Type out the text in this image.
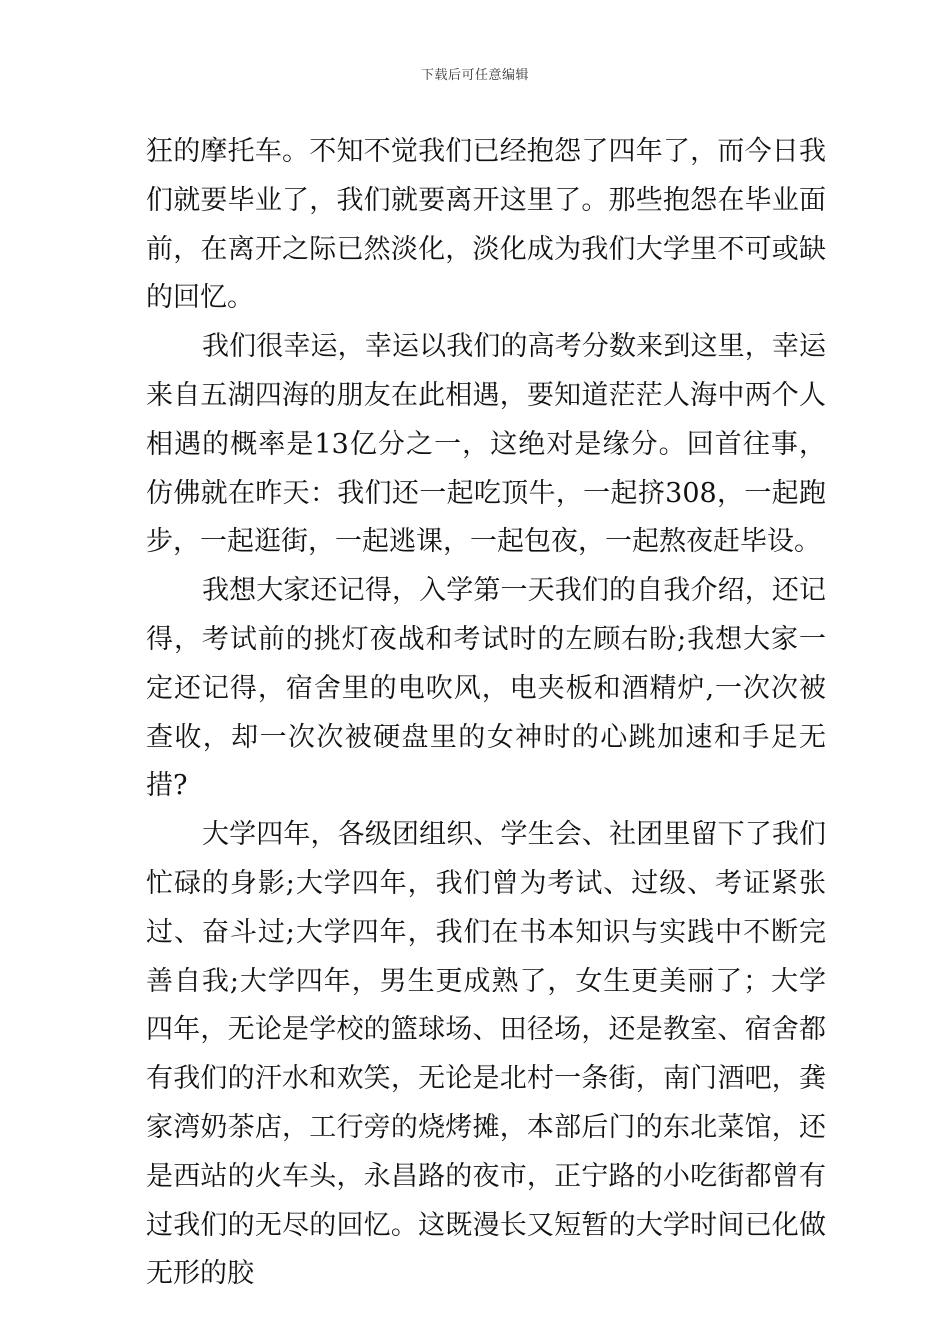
下载后可任意编辑

狂的摩托车。不知不觉我们已经抱怨了四年了，而今日我们就要毕业了，我们就要离开这里了。那些抱怨在毕业面前，在离开之际已然淡化，淡化成为我们大学里不可或缺的回忆。

我们很幸运，幸运以我们的高考分数来到这里，幸运来自五湖四海的朋友在此相遇，要知道茫茫人海中两个人相遇的概率是13亿分之一，这绝对是缘分。回首往事，仿佛就在昨天：我们还一起吃顶牛，一起挤308，一起跑步，一起逛街，一起逃课，一起包夜，一起熬夜赶毕设。

我想大家还记得，入学第一天我们的自我介绍，还记得，考试前的挑灯夜战和考试时的左顾右盼;我想大家一定还记得，宿舍里的电吹风，电夹板和酒精炉,一次次被查收，却一次次被硬盘里的女神时的心跳加速和手足无措?

大学四年，各级团组织、学生会、社团里留下了我们忙碌的身影;大学四年，我们曾为考试、过级、考证紧张过、奋斗过;大学四年，我们在书本知识与实践中不断完善自我;大学四年，男生更成熟了，女生更美丽了；大学四年，无论是学校的篮球场、田径场，还是教室、宿舍都有我们的汗水和欢笑，无论是北村一条街，南门酒吧，龚家湾奶茶店，工行旁的烧烤摊，本部后门的东北菜馆，还是西站的火车头，永昌路的夜市，正宁路的小吃街都曾有过我们的无尽的回忆。这既漫长又短暂的大学时间已化做无形的胶
